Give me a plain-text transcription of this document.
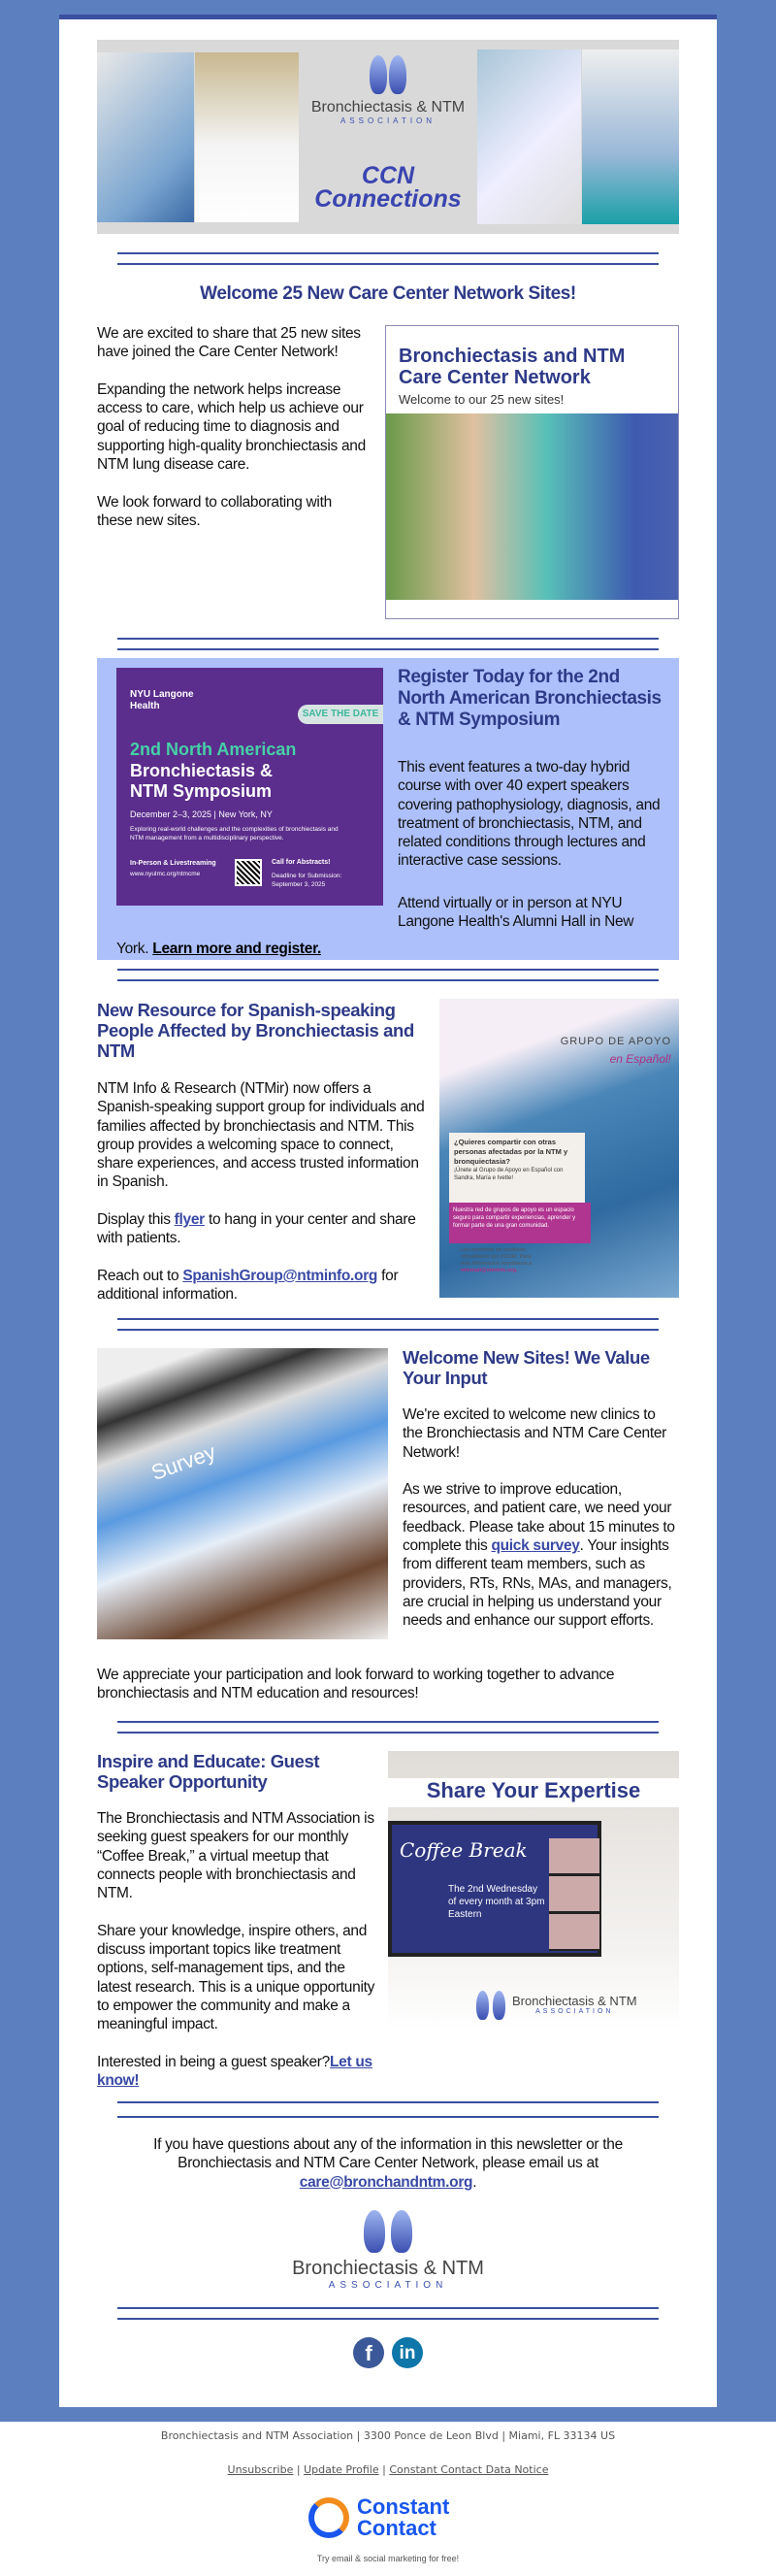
Bronchiectasis & NTM
ASSOCIATION
CCN
Connections
Welcome 25 New Care Center Network Sites!

We are excited to share that 25 new sites have joined the Care Center Network!

Expanding the network helps increase access to care, which help us achieve our goal of reducing time to diagnosis and supporting high-quality bronchiectasis and NTM lung disease care.

We look forward to collaborating with these new sites.

Bronchiectasis and NTM Care Center Network
Welcome to our 25 new sites!
NYU Langone Health
SAVE THE DATE
2nd North American
Bronchiectasis &
NTM Symposium
December 2–3, 2025 | New York, NY
Exploring real-world challenges and the complexities of bronchiectasis and NTM management from a multidisciplinary perspective.
In-Person & Livestreaming
www.nyulmc.org/ntmcme
Call for Abstracts!
Deadline for Submission: September 3, 2025
Register Today for the 2nd North American Bronchiectasis & NTM Symposium
This event features a two-day hybrid course with over 40 expert speakers covering pathophysiology, diagnosis, and treatment of bronchiectasis, NTM, and related conditions through lectures and interactive case sessions.
Attend virtually or in person at NYU Langone Health's Alumni Hall in New
York. Learn more and register.
New Resource for Spanish-speaking People Affected by Bronchiectasis and NTM

NTM Info & Research (NTMir) now offers a Spanish-speaking support group for individuals and families affected by bronchiectasis and NTM. This group provides a welcoming space to connect, share experiences, and access trusted information in Spanish.

Display this flyer to hang in your center and share with patients.

Reach out to SpanishGroup@ntminfo.org for additional information.

GRUPO DE APOYO
en Español!
¿Quieres compartir con otras personas afectadas por la NTM y bronquiectasia?
¡Únete al Grupo de Apoyo en Español con Sandra, María e Ivette!
Nuestra red de grupos de apoyo es un espacio seguro para compartir experiencias, aprender y formar parte de una gran comunidad.
Las reuniones se conducen virtualmente por ZOOM. Para más información escríbenos a ntmmail@ntminfo.org.
Survey
Welcome New Sites! We Value Your Input

We're excited to welcome new clinics to the Bronchiectasis and NTM Care Center Network!

As we strive to improve education, resources, and patient care, we need your feedback. Please take about 15 minutes to complete this quick survey. Your insights from different team members, such as providers, RTs, RNs, MAs, and managers, are crucial in helping us understand your needs and enhance our support efforts.

We appreciate your participation and look forward to working together to advance bronchiectasis and NTM education and resources!
Inspire and Educate: Guest Speaker Opportunity

The Bronchiectasis and NTM Association is seeking guest speakers for our monthly “Coffee Break,” a virtual meetup that connects people with bronchiectasis and NTM.

Share your knowledge, inspire others, and discuss important topics like treatment options, self-management tips, and the latest research. This is a unique opportunity to empower the community and make a meaningful impact.

Interested in being a guest speaker?Let us know!

Share Your Expertise
Coffee Break
The 2nd Wednesday of every month at 3pm Eastern
Bronchiectasis & NTM
ASSOCIATION
If you have questions about any of the information in this newsletter or the Bronchiectasis and NTM Care Center Network, please email us at
care@bronchandntm.org.
Bronchiectasis & NTM
ASSOCIATION
f	in
Bronchiectasis and NTM Association | 3300 Ponce de Leon Blvd | Miami, FL 33134 US
Unsubscribe | Update Profile | Constant Contact Data Notice
Constant
Contact
Try email & social marketing for free!
